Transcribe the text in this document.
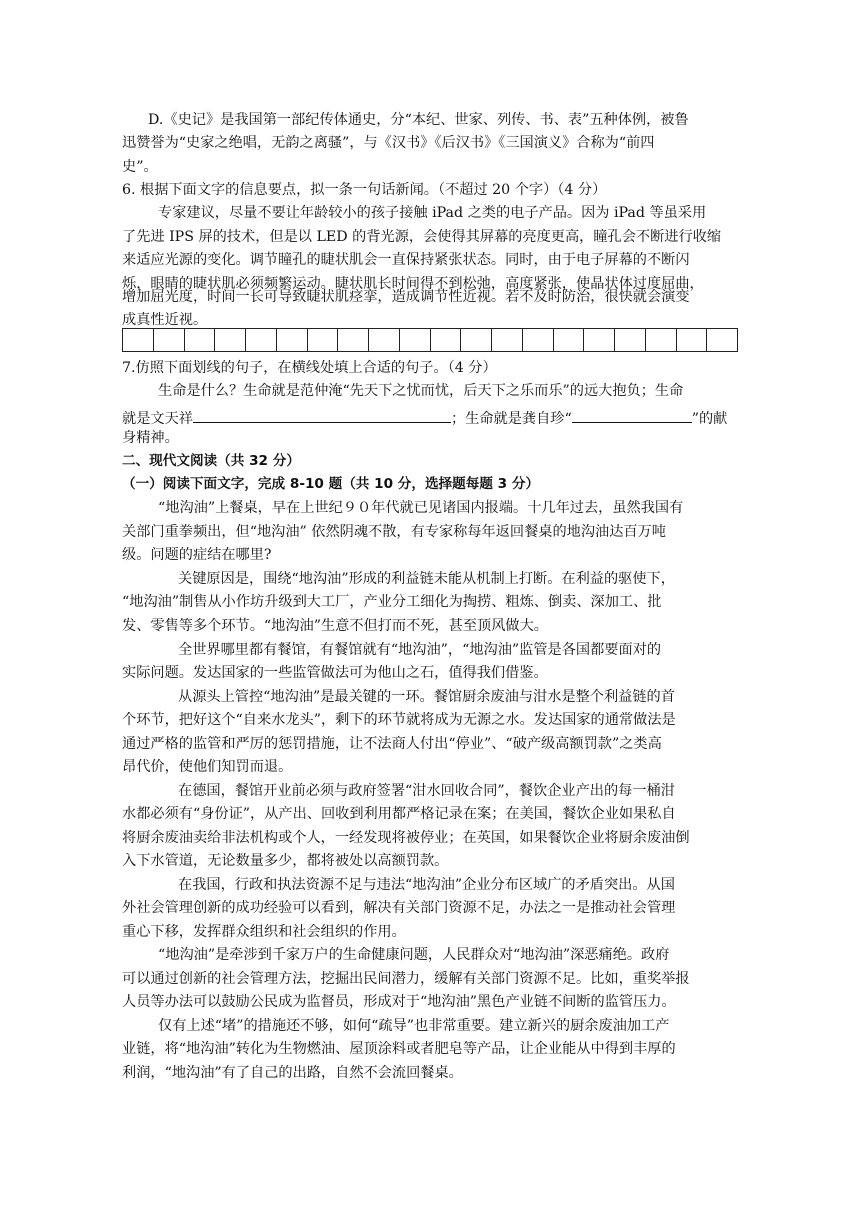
D.《史记》是我国第一部纪传体通史，分“本纪、世家、列传、书、表”五种体例，被鲁
迅赞誉为“史家之绝唱，无韵之离骚”，与《汉书》《后汉书》《三国演义》合称为“前四
史”。
6. 根据下面文字的信息要点，拟一条一句话新闻。（不超过 20 个字）（4 分）
专家建议，尽量不要让年龄较小的孩子接触 iPad 之类的电子产品。因为 iPad 等虽采用
了先进 IPS 屏的技术，但是以 LED 的背光源，会使得其屏幕的亮度更高，瞳孔会不断进行收缩
来适应光源的变化。调节瞳孔的睫状肌会一直保持紧张状态。同时，由于电子屏幕的不断闪
烁，眼睛的睫状肌必须频繁运动。睫状肌长时间得不到松弛，高度紧张，使晶状体过度屈曲，
增加屈光度，时间一长可导致睫状肌痉挛，造成调节性近视。若不及时防治，很快就会演变
成真性近视。
7.仿照下面划线的句子，在横线处填上合适的句子。（4 分）
生命是什么？生命就是范仲淹“先天下之忧而忧，后天下之乐而乐”的远大抱负；生命
就是文天祥	；生命就是龚自珍“	”的献
身精神。
二、现代文阅读（共 32 分）
（一）阅读下面文字，完成 8-10 题（共 10 分，选择题每题 3 分）
“地沟油”上餐桌，早在上世纪９０年代就已见诸国内报端。十几年过去，虽然我国有
关部门重拳频出，但“地沟油” 依然阴魂不散，有专家称每年返回餐桌的地沟油达百万吨
级。问题的症结在哪里?
关键原因是，围绕“地沟油”形成的利益链未能从机制上打断。在利益的驱使下，
“地沟油”制售从小作坊升级到大工厂，产业分工细化为掏捞、粗炼、倒卖、深加工、批
发、零售等多个环节。“地沟油”生意不但打而不死，甚至顶风做大。
全世界哪里都有餐馆，有餐馆就有“地沟油”，“地沟油”监管是各国都要面对的
实际问题。发达国家的一些监管做法可为他山之石，值得我们借鉴。
从源头上管控“地沟油”是最关键的一环。餐馆厨余废油与泔水是整个利益链的首
个环节，把好这个“自来水龙头”，剩下的环节就将成为无源之水。发达国家的通常做法是
通过严格的监管和严厉的惩罚措施，让不法商人付出“停业”、“破产级高额罚款”之类高
昂代价，使他们知罚而退。
在德国，餐馆开业前必须与政府签署“泔水回收合同”，餐饮企业产出的每一桶泔
水都必须有“身份证”，从产出、回收到利用都严格记录在案；在美国，餐饮企业如果私自
将厨余废油卖给非法机构或个人，一经发现将被停业；在英国，如果餐饮企业将厨余废油倒
入下水管道，无论数量多少，都将被处以高额罚款。
在我国，行政和执法资源不足与违法“地沟油”企业分布区域广的矛盾突出。从国
外社会管理创新的成功经验可以看到，解决有关部门资源不足，办法之一是推动社会管理
重心下移，发挥群众组织和社会组织的作用。
“地沟油”是牵涉到千家万户的生命健康问题，人民群众对“地沟油”深恶痛绝。政府
可以通过创新的社会管理方法，挖掘出民间潜力，缓解有关部门资源不足。比如，重奖举报
人员等办法可以鼓励公民成为监督员，形成对于“地沟油”黑色产业链不间断的监管压力。
仅有上述“堵”的措施还不够，如何“疏导”也非常重要。建立新兴的厨余废油加工产
业链，将“地沟油”转化为生物燃油、屋顶涂料或者肥皂等产品，让企业能从中得到丰厚的
利润，“地沟油”有了自己的出路，自然不会流回餐桌。
